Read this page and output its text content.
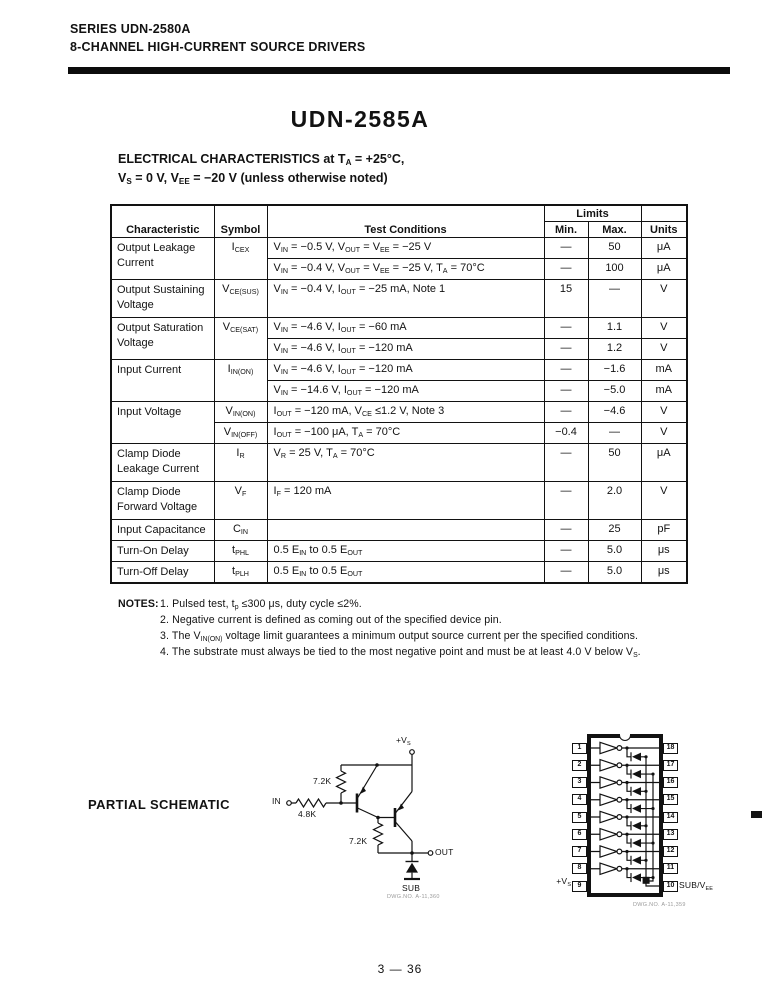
SERIES UDN-2580A
8-CHANNEL HIGH-CURRENT SOURCE DRIVERS
UDN-2585A
ELECTRICAL CHARACTERISTICS at $T_A = +25^\circ C$,
$V_S = 0$ V, $V_{EE} = -20$ V (unless otherwise noted)
Characteristic	Symbol	Test Conditions	Limits		
			Min.	Max.	Units
Output Leakage Current	$I_{CEX}$	$V_{IN} = -0.5$ V, $V_{OUT} = V_{EE} = -25$ V	—	50	μA
		$V_{IN} = -0.4$ V, $V_{OUT} = V_{EE} = -25$ V, $T_A = 70^\circ C$	—	100	μA
Output Sustaining Voltage	$V_{CE(SUS)}$	$V_{IN} = -0.4$ V, $I_{OUT} = -25$ mA, Note 1	15	—	V
Output Saturation Voltage	$V_{CE(SAT)}$	$V_{IN} = -4.6$ V, $I_{OUT} = -60$ mA	—	1.1	V
		$V_{IN} = -4.6$ V, $I_{OUT} = -120$ mA	—	1.2	V
Input Current	$I_{IN(ON)}$	$V_{IN} = -4.6$ V, $I_{OUT} = -120$ mA	—	−1.6	mA
		$V_{IN} = -14.6$ V, $I_{OUT} = -120$ mA	—	−5.0	mA
Input Voltage	$V_{IN(ON)}$	$I_{OUT} = -120$ mA, $V_{CE} \le 1.2$ V, Note 3	—	−4.6	V
	$V_{IN(OFF)}$	$I_{OUT} = -100$ μA, $T_A = 70^\circ C$	−0.4	—	V
Clamp Diode Leakage Current	$I_R$	$V_R = 25$ V, $T_A = 70^\circ C$	—	50	μA
Clamp Diode Forward Voltage	$V_F$	$I_F = 120$ mA	—	2.0	V
Input Capacitance	$C_{IN}$		—	25	pF
Turn-On Delay	$t_{PHL}$	0.5 $E_{IN}$ to 0.5 $E_{OUT}$	—	5.0	μs
Turn-Off Delay	$t_{PLH}$	0.5 $E_{IN}$ to 0.5 $E_{OUT}$	—	5.0	μs
NOTES: 1. Pulsed test, $t_p \le 300$ μs, duty cycle ≤2%.
2. Negative current is defined as coming out of the specified device pin.
3. The $V_{IN(ON)}$ voltage limit guarantees a minimum output source current per the specified conditions.
4. The substrate must always be tied to the most negative point and must be at least 4.0 V below $V_S$.
PARTIAL SCHEMATIC
$+V_S$
IN
4.8K
7.2K
7.2K
OUT
SUB
DWG.NO. A-11,360
1
2
3
4
5
6
7
8
9
18
17
16
15
14
13
12
11
10
$+V_S$	SUB/$V_{EE}$
DWG.NO. A-11,359
3 — 36
